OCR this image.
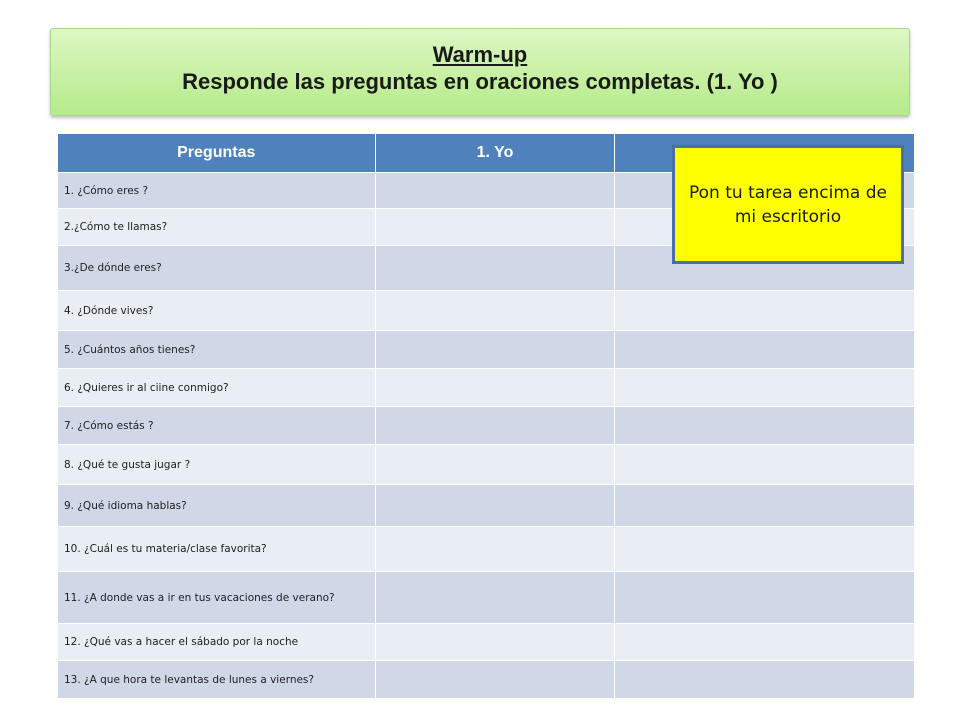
Warm-up
Responde las preguntas en oraciones completas. (1. Yo )
Preguntas	1. Yo	
1. ¿Cómo eres ?		
2.¿Cómo te llamas?		
3.¿De dónde eres?		
4. ¿Dónde vives?		
5. ¿Cuántos años tienes?		
6. ¿Quieres ir al ciine conmigo?		
7. ¿Cómo estás ?		
8. ¿Qué te gusta jugar ?		
9. ¿Qué idioma hablas?		
10. ¿Cuál es tu materia/clase favorita?		
11. ¿A donde vas a ir en tus vacaciones de verano?		
12. ¿Qué vas a hacer el sábado por la noche		
13. ¿A que hora te levantas de lunes a viernes?		
Pon tu tarea encima de mi escritorio
